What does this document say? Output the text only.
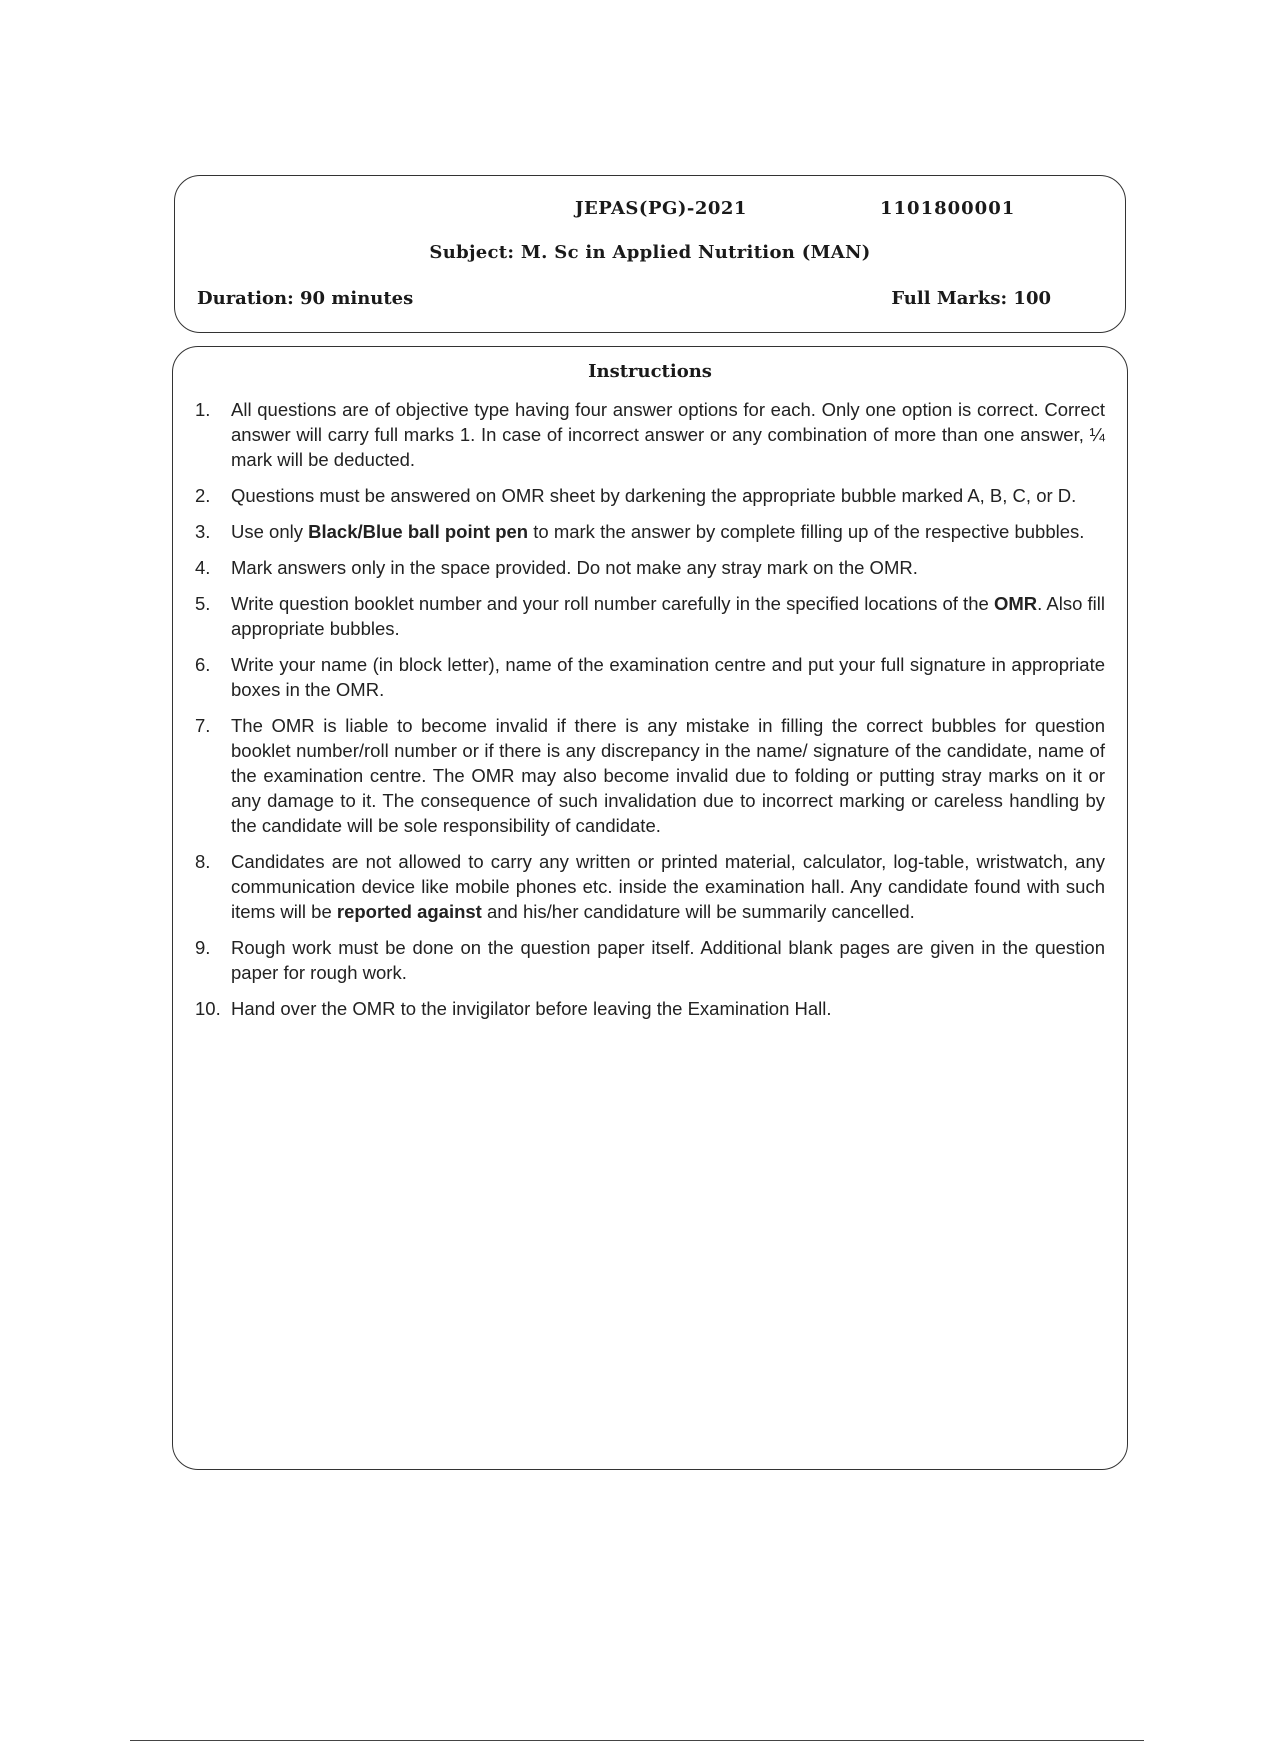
JEPAS(PG)-2021	1101800001
Subject: M. Sc in Applied Nutrition (MAN)
Duration: 90 minutes	Full Marks: 100
Instructions
1.	All questions are of objective type having four answer options for each. Only one option is correct. Correct answer will carry full marks 1. In case of incorrect answer or any combination of more than one answer, ¼ mark will be deducted.
2.	Questions must be answered on OMR sheet by darkening the appropriate bubble marked A, B, C, or D.
3.	Use only Black/Blue ball point pen to mark the answer by complete filling up of the respective bubbles.
4.	Mark answers only in the space provided. Do not make any stray mark on the OMR.
5.	Write question booklet number and your roll number carefully in the specified locations of the OMR. Also fill appropriate bubbles.
6.	Write your name (in block letter), name of the examination centre and put your full signature in appropriate boxes in the OMR.
7.	The OMR is liable to become invalid if there is any mistake in filling the correct bubbles for question booklet number/roll number or if there is any discrepancy in the name/ signature of the candidate, name of the examination centre. The OMR may also become invalid due to folding or putting stray marks on it or any damage to it. The consequence of such invalidation due to incorrect marking or careless handling by the candidate will be sole responsibility of candidate.
8.	Candidates are not allowed to carry any written or printed material, calculator, log-table, wristwatch, any communication device like mobile phones etc. inside the examination hall. Any candidate found with such items will be reported against and his/her candidature will be summarily cancelled.
9.	Rough work must be done on the question paper itself. Additional blank pages are given in the question paper for rough work.
10. Hand over the OMR to the invigilator before leaving the Examination Hall.
